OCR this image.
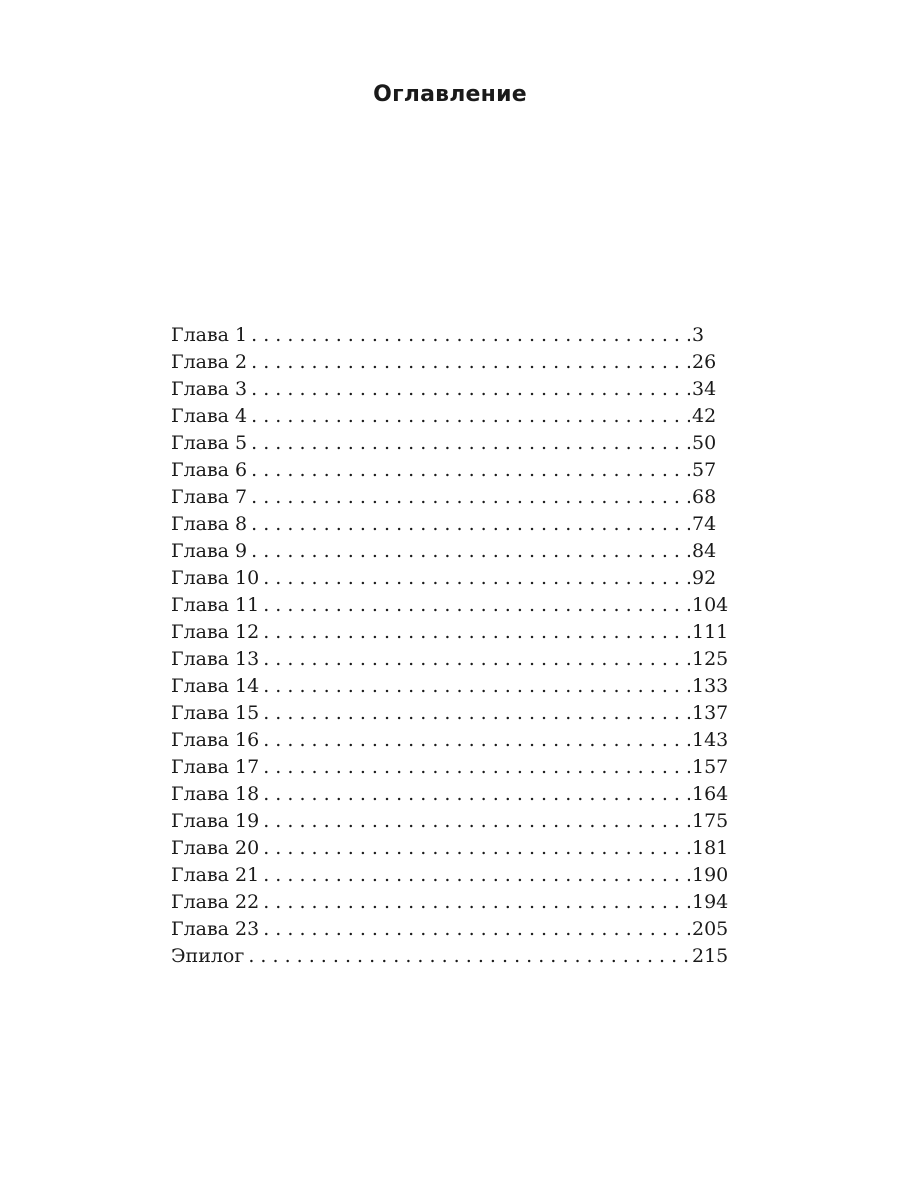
Оглавление
Глава 1 . . .	3
Глава 2 . . .	26
Глава 3 . . .	34
Глава 4 . . .	42
Глава 5 . . .	50
Глава 6 . . .	57
Глава 7 . . .	68
Глава 8 . . .	74
Глава 9 . . .	84
Глава 10 . . .	92
Глава 11 . . .	104
Глава 12 . . .	111
Глава 13 . . .	125
Глава 14 . . .	133
Глава 15 . . .	137
Глава 16 . . .	143
Глава 17 . . .	157
Глава 18 . . .	164
Глава 19 . . .	175
Глава 20 . . .	181
Глава 21 . . .	190
Глава 22 . . .	194
Глава 23 . . .	205
Эпилог . . .	215
